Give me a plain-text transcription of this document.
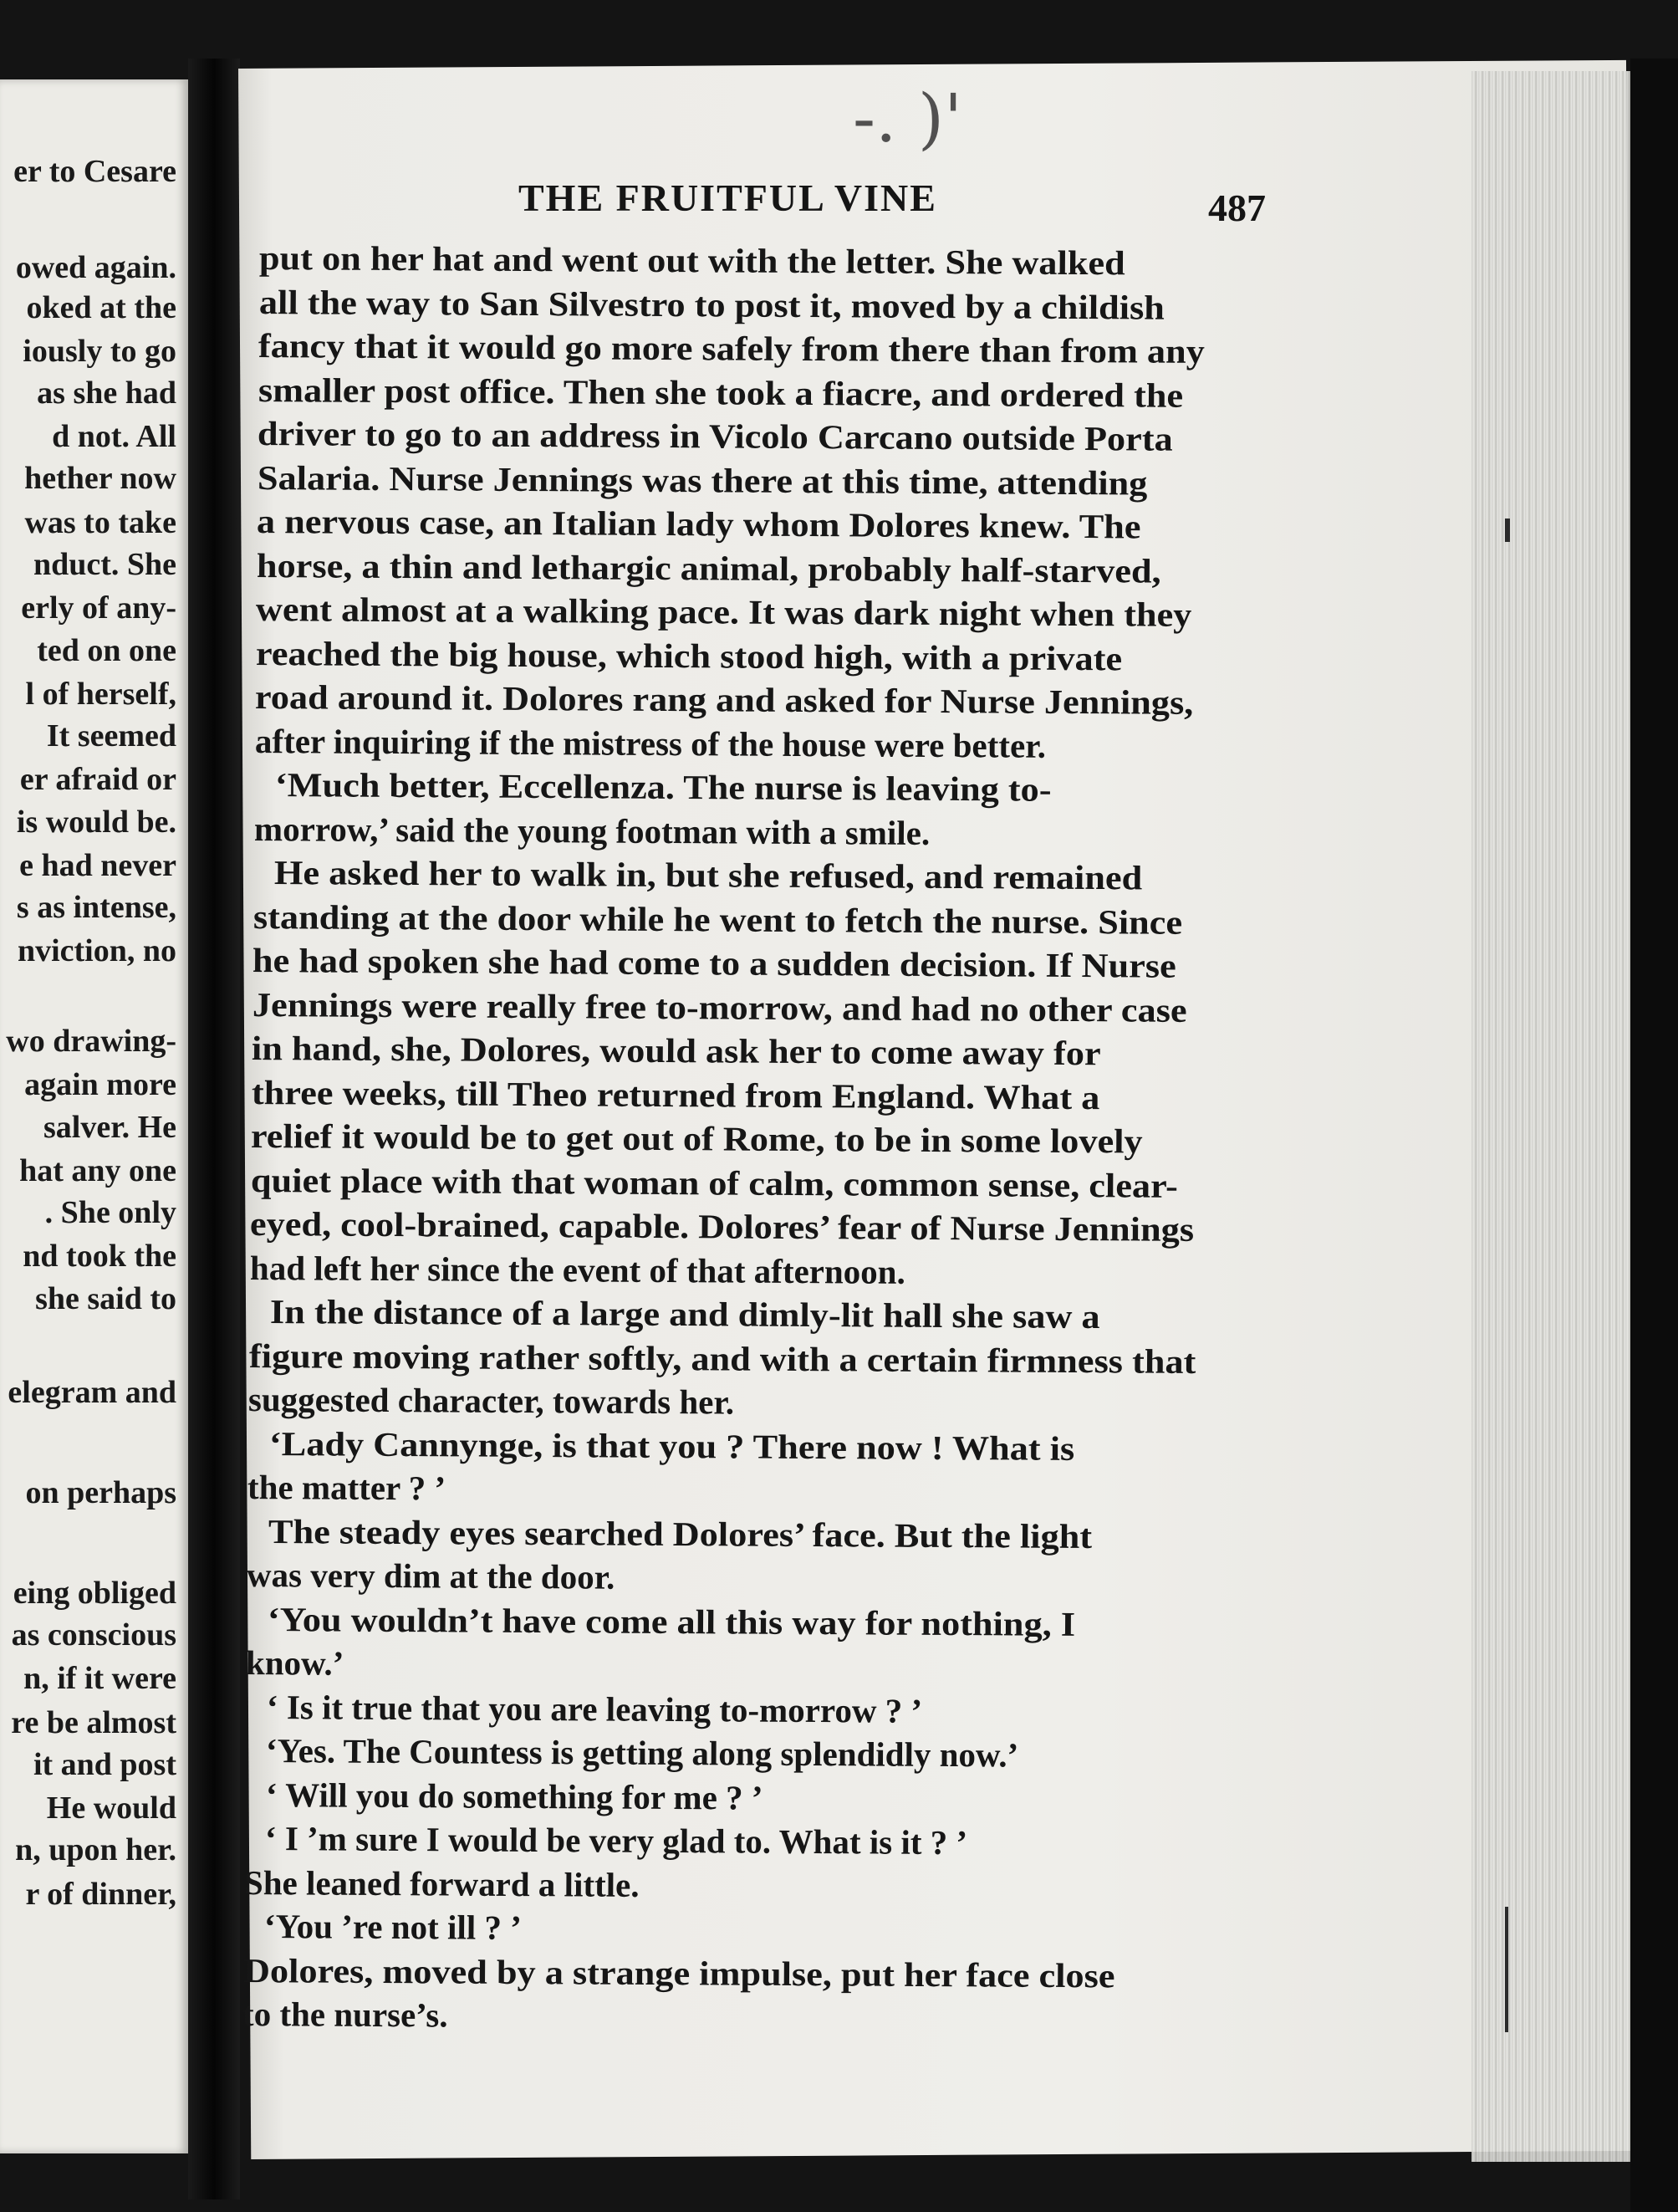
er to Cesare
owed again.
oked at the
iously to go
as she had
d not. All
hether now
was to take
nduct. She
erly of any-
ted on one
l of herself,
It seemed
er afraid or
is would be.
e had never
s as intense,
nviction, no
wo drawing-
again more
salver. He
hat any one
. She only
nd took the
she said to
elegram and
on perhaps
eing obliged
as conscious
n, if it were
re be almost
it and post
He would
n, upon her.
r of dinner,
-. )'
THE FRUITFUL VINE	487
put on her hat and went out with the letter. She walked
all the way to San Silvestro to post it, moved by a childish
fancy that it would go more safely from there than from any
smaller post office. Then she took a fiacre, and ordered the
driver to go to an address in Vicolo Carcano outside Porta
Salaria. Nurse Jennings was there at this time, attending
a nervous case, an Italian lady whom Dolores knew. The
horse, a thin and lethargic animal, probably half-starved,
went almost at a walking pace. It was dark night when they
reached the big house, which stood high, with a private
road around it. Dolores rang and asked for Nurse Jennings,
after inquiring if the mistress of the house were better.
‘Much better, Eccellenza. The nurse is leaving to-
morrow,’ said the young footman with a smile.
He asked her to walk in, but she refused, and remained
standing at the door while he went to fetch the nurse. Since
he had spoken she had come to a sudden decision. If Nurse
Jennings were really free to-morrow, and had no other case
in hand, she, Dolores, would ask her to come away for
three weeks, till Theo returned from England. What a
relief it would be to get out of Rome, to be in some lovely
quiet place with that woman of calm, common sense, clear-
eyed, cool-brained, capable. Dolores’ fear of Nurse Jennings
had left her since the event of that afternoon.
In the distance of a large and dimly-lit hall she saw a
figure moving rather softly, and with a certain firmness that
suggested character, towards her.
‘Lady Cannynge, is that you ? There now ! What is
the matter ? ’
The steady eyes searched Dolores’ face. But the light
was very dim at the door.
‘You wouldn’t have come all this way for nothing, I
know.’
‘ Is it true that you are leaving to-morrow ? ’
‘Yes. The Countess is getting along splendidly now.’
‘ Will you do something for me ? ’
‘ I ’m sure I would be very glad to. What is it ? ’
She leaned forward a little.
‘You ’re not ill ? ’
Dolores, moved by a strange impulse, put her face close
to the nurse’s.
